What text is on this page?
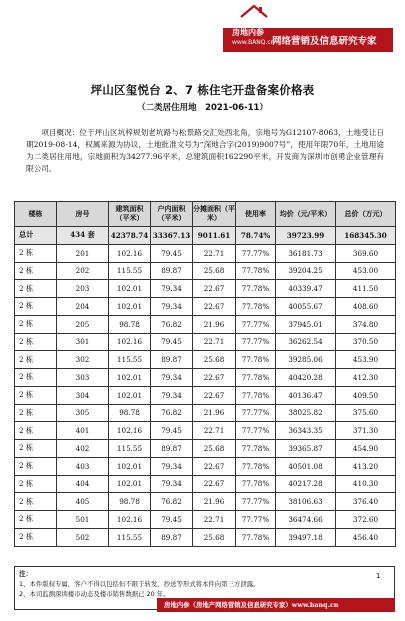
房地内参
www.BANQ.cn
网络营销及信息研究专家
坪山区玺悦台 2、7 栋住宅开盘备案价格表
（二类居住用地　2021-06-11）
项目概况：位于坪山区坑梓规划老坑路与松景路交汇处西北角，宗地号为G12107-8063，土地受让日期2019-08-14，权属来源为协议，土地批准文号为“深地合字(2019)9007号”，使用年限70年，土地用途为二类居住用地，宗地面积为34277.96平米，总建筑面积162290平米，开发商为深圳市创勇企业管理有限公司。
楼栋	房号	建筑面积（平米）	户内面积（平米）	分摊面积（平米）	使用率	均价（元/平米）	总价（万元）
总计	434 套	42378.74	33367.13	9011.61	78.74%	39723.99	168345.30
2 栋	201	102.16	79.45	22.71	77.77%	36181.73	369.60
2 栋	202	115.55	89.87	25.68	77.78%	39204.25	453.00
2 栋	203	102.01	79.34	22.67	77.78%	40339.47	411.50
2 栋	204	102.01	79.34	22.67	77.78%	40055.67	408.60
2 栋	205	98.78	76.82	21.96	77.77%	37945.01	374.80
2 栋	301	102.16	79.45	22.71	77.77%	36262.54	370.50
2 栋	302	115.55	89.87	25.68	77.78%	39285.06	453.90
2 栋	303	102.01	79.34	22.67	77.78%	40420.28	412.30
2 栋	304	102.01	79.34	22.67	77.78%	40136.47	409.50
2 栋	305	98.78	76.82	21.96	77.77%	38025.82	375.60
2 栋	401	102.16	79.45	22.71	77.77%	36343.35	371.30
2 栋	402	115.55	89.87	25.68	77.78%	39365.87	454.90
2 栋	403	102.01	79.34	22.67	77.78%	40501.08	413.20
2 栋	404	102.01	79.34	22.67	77.78%	40217.28	410.30
2 栋	405	98.78	76.82	21.96	77.77%	38106.63	376.40
2 栋	501	102.16	79.45	22.71	77.77%	36474.66	372.60
2 栋	502	115.55	89.87	25.68	77.78%	39497.18	456.40
注：
1、本件版权专属，客户不得以包括但不限于转发、抄送等形式将本件向第三方泄露。
2、本司监测深圳楼市动态及楼市销售数据已 20 年。
1
房地内参（房地产网络营销及信息研究专家）www.banq.cn
